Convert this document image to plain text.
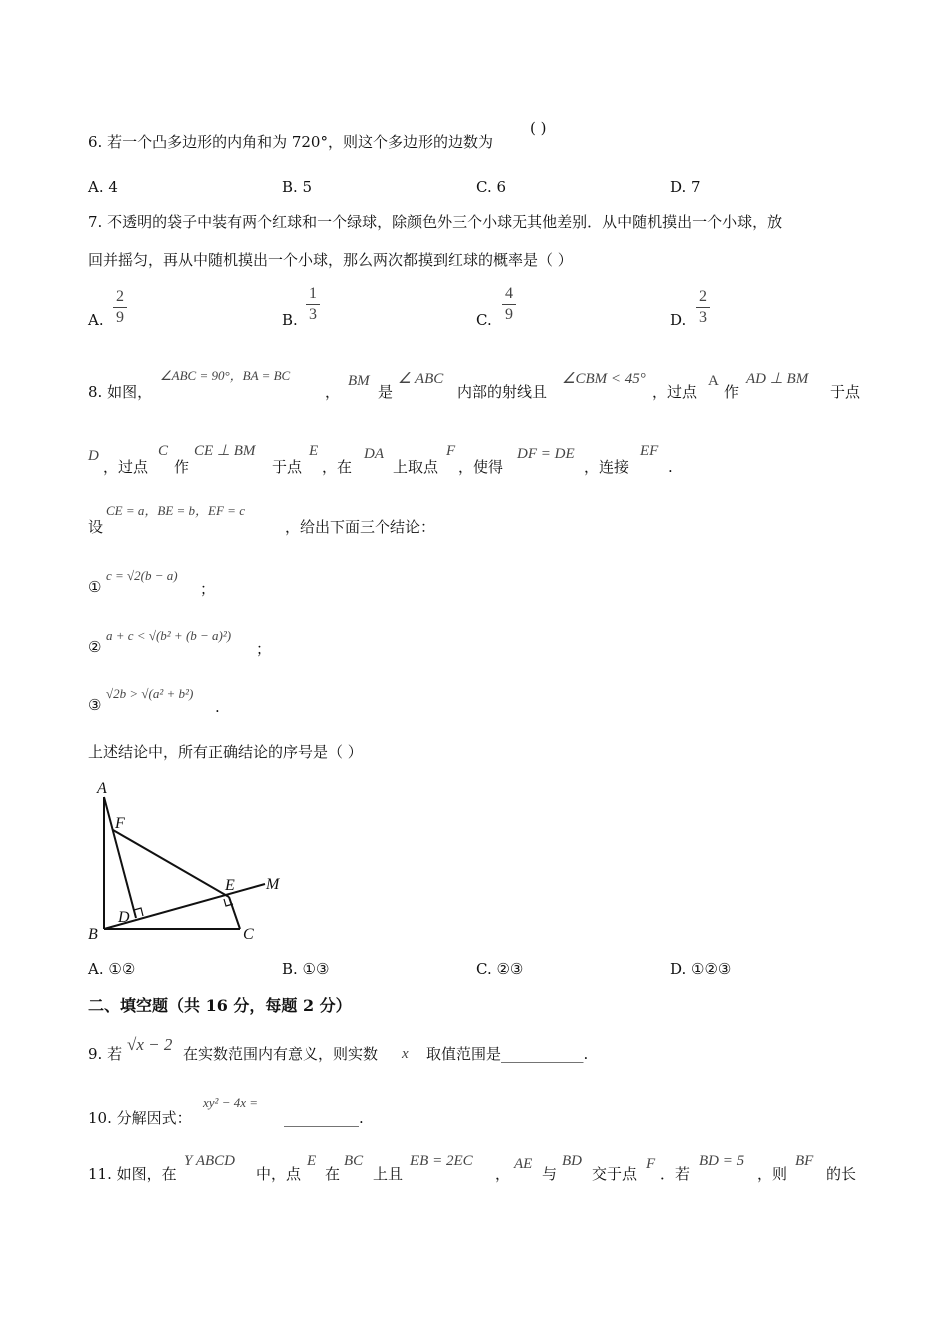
6. 若一个凸多边形的内角和为 720°，则这个多边形的边数为
( )
A. 4	B. 5	C. 6	D. 7
7. 不透明的袋子中装有两个红球和一个绿球，除颜色外三个小球无其他差别．从中随机摸出一个小球，放
回并摇匀，再从中随机摸出一个小球，那么两次都摸到红球的概率是（ ）
A.
2
9	B.
1
3	C.
4
9	D.
2
3
8. 如图，
∠ABC = 90°，BA = BC
，
BM
是
∠ ABC
内部的射线且
∠CBM < 45°
，过点
A
作
AD ⊥ BM
于点
D
，过点
C
作
CE ⊥ BM
于点
E
，在
DA
上取点
F
，使得
DF = DE
，连接
EF
.
设
CE = a，BE = b，EF = c
，给出下面三个结论：
①
c = √2(b − a)
；
②
a + c < √(b² + (b − a)²)
；
③
√2b > √(a² + b²)
.
上述结论中，所有正确结论的序号是（ ）
A
B	C
D
E
F
M
A. ①②	B. ①③	C. ②③	D. ①②③
二、填空题（共 16 分，每题 2 分）
9. 若 √x − 2 在实数范围内有意义，则实数 x 取值范围是___________.
10. 分解因式：
xy² − 4x =
__________.
11. 如图，在
Y ABCD
中，点
E
在
BC
上且
EB = 2EC
，
AE
与
BD
交于点
F
．若
BD = 5
，则
BF
的长
